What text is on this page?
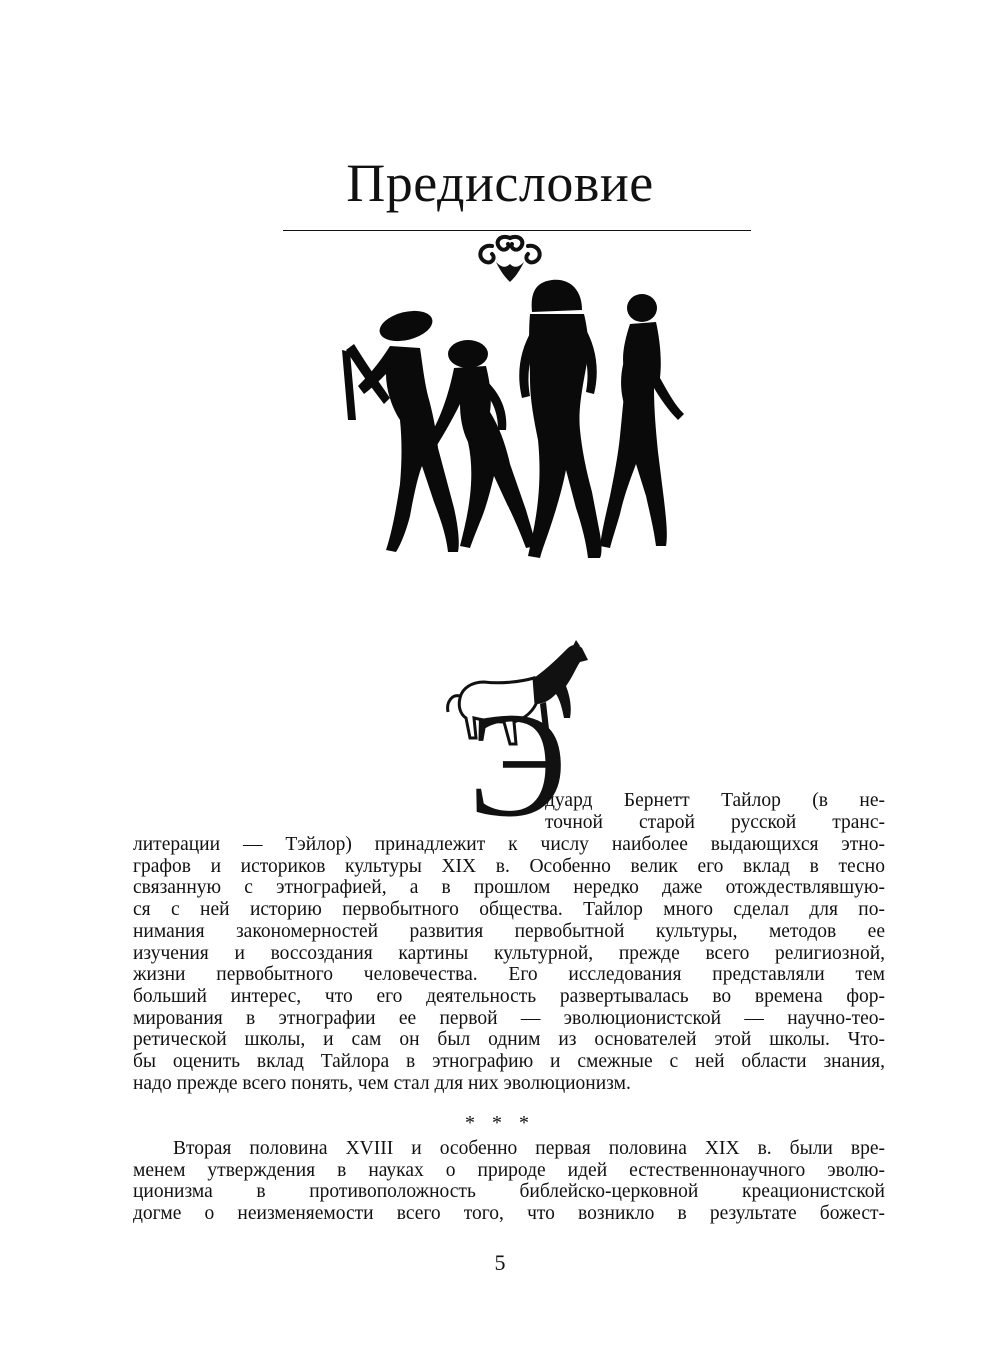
Предисловие
Э
дуард Бернетт Тайлор (в не-
точной старой русской транс-
литерации — Тэйлор) принадлежит к числу наиболее выдающихся этно-
графов и историков культуры XIX в. Особенно велик его вклад в тесно
связанную с этнографией, а в прошлом нередко даже отождествлявшую-
ся с ней историю первобытного общества. Тайлор много сделал для по-
нимания закономерностей развития первобытной культуры, методов ее
изучения и воссоздания картины культурной, прежде всего религиозной,
жизни первобытного человечества. Его исследования представляли тем
больший интерес, что его деятельность развертывалась во времена фор-
мирования в этнографии ее первой — эволюционистской — научно-тео-
ретической школы, и сам он был одним из основателей этой школы. Что-
бы оценить вклад Тайлора в этнографию и смежные с ней области знания,
надо прежде всего понять, чем стал для них эволюционизм.
* * *
Вторая половина XVIII и особенно первая половина XIX в. были вре-
менем утверждения в науках о природе идей естественнонаучного эволю-
ционизма в противоположность библейско-церковной креационистской
догме о неизменяемости всего того, что возникло в результате божест-
5
